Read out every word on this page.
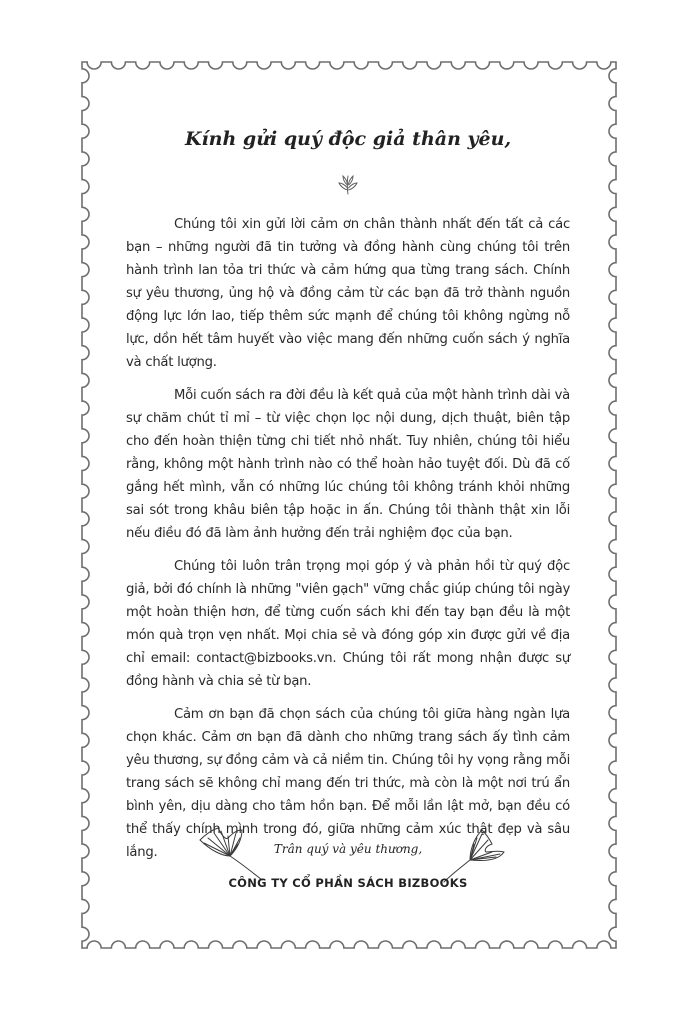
Kính gửi quý độc giả thân yêu,

Chúng tôi xin gửi lời cảm ơn chân thành nhất đến tất cả các bạn – những người đã tin tưởng và đồng hành cùng chúng tôi trên hành trình lan tỏa tri thức và cảm hứng qua từng trang sách. Chính sự yêu thương, ủng hộ và đồng cảm từ các bạn đã trở thành nguồn động lực lớn lao, tiếp thêm sức mạnh để chúng tôi không ngừng nỗ lực, dồn hết tâm huyết vào việc mang đến những cuốn sách ý nghĩa và chất lượng.

Mỗi cuốn sách ra đời đều là kết quả của một hành trình dài và sự chăm chút tỉ mỉ – từ việc chọn lọc nội dung, dịch thuật, biên tập cho đến hoàn thiện từng chi tiết nhỏ nhất. Tuy nhiên, chúng tôi hiểu rằng, không một hành trình nào có thể hoàn hảo tuyệt đối. Dù đã cố gắng hết mình, vẫn có những lúc chúng tôi không tránh khỏi những sai sót trong khâu biên tập hoặc in ấn. Chúng tôi thành thật xin lỗi nếu điều đó đã làm ảnh hưởng đến trải nghiệm đọc của bạn.

Chúng tôi luôn trân trọng mọi góp ý và phản hồi từ quý độc giả, bởi đó chính là những "viên gạch" vững chắc giúp chúng tôi ngày một hoàn thiện hơn, để từng cuốn sách khi đến tay bạn đều là một món quà trọn vẹn nhất. Mọi chia sẻ và đóng góp xin được gửi về địa chỉ email: contact@bizbooks.vn. Chúng tôi rất mong nhận được sự đồng hành và chia sẻ từ bạn.

Cảm ơn bạn đã chọn sách của chúng tôi giữa hàng ngàn lựa chọn khác. Cảm ơn bạn đã dành cho những trang sách ấy tình cảm yêu thương, sự đồng cảm và cả niềm tin. Chúng tôi hy vọng rằng mỗi trang sách sẽ không chỉ mang đến tri thức, mà còn là một nơi trú ẩn bình yên, dịu dàng cho tâm hồn bạn. Để mỗi lần lật mở, bạn đều có thể thấy chính mình trong đó, giữa những cảm xúc thật đẹp và sâu lắng.	Trân quý và yêu thương,
CÔNG TY CỔ PHẦN SÁCH BIZBOOKS
